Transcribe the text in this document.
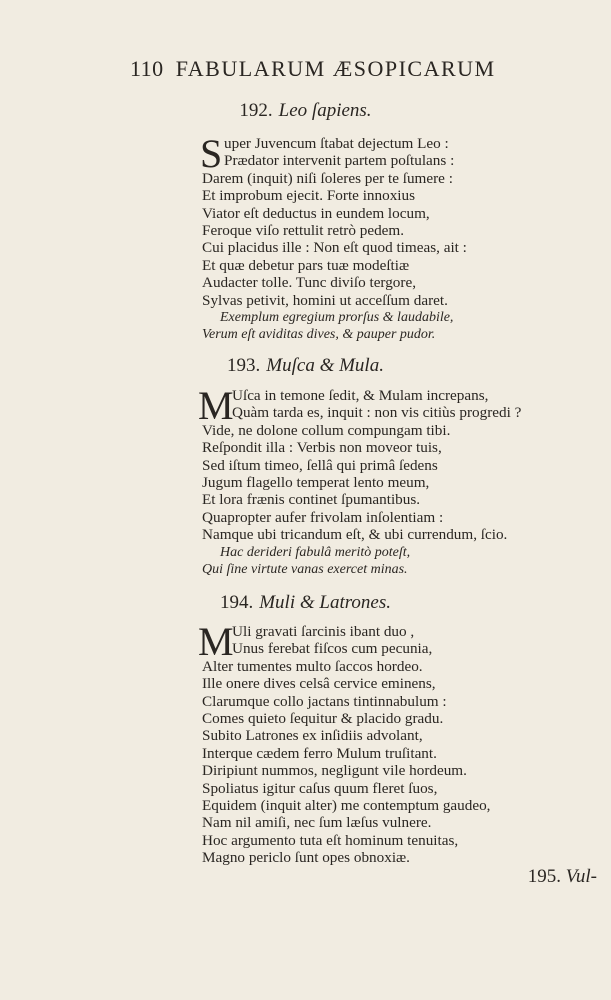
110 FABULARUM ÆSOPICARUM
192. Leo ſapiens.
S uper Juvencum ſtabat dejectum Leo :
Prædator intervenit partem poſtulans :
Darem (inquit) niſi ſoleres per te ſumere :
Et improbum ejecit. Forte innoxius
Viator eſt deductus in eundem locum,
Feroque viſo rettulit retrò pedem.
Cui placidus ille : Non eſt quod timeas, ait :
Et quæ debetur pars tuæ modeſtiæ
Audacter tolle. Tunc diviſo tergore,
Sylvas petivit, homini ut acceſſum daret.
Exemplum egregium prorſus & laudabile,
Verum eſt aviditas dives, & pauper pudor.
193. Muſca & Mula.
M
Uſca in temone ſedit, & Mulam increpans,
Quàm tarda es, inquit : non vis citiùs progredi ?
Vide, ne dolone collum compungam tibi.
Reſpondit illa : Verbis non moveor tuis,
Sed iſtum timeo, ſellâ qui primâ ſedens
Jugum flagello temperat lento meum,
Et lora frænis continet ſpumantibus.
Quapropter aufer frivolam inſolentiam :
Namque ubi tricandum eſt, & ubi currendum, ſcio.
Hac derideri fabulâ meritò poteſt,
Qui ſine virtute vanas exercet minas.
194. Muli & Latrones.
M
Uli gravati ſarcinis ibant duo ,
Unus ferebat fiſcos cum pecunia,
Alter tumentes multo ſaccos hordeo.
Ille onere dives celsâ cervice eminens,
Clarumque collo jactans tintinnabulum :
Comes quieto ſequitur & placido gradu.
Subito Latrones ex inſidiis advolant,
Interque cædem ferro Mulum truſitant.
Diripiunt nummos, negligunt vile hordeum.
Spoliatus igitur caſus quum fleret ſuos,
Equidem (inquit alter) me contemptum gaudeo,
Nam nil amiſi, nec ſum læſus vulnere.
Hoc argumento tuta eſt hominum tenuitas,
Magno periclo ſunt opes obnoxiæ.
195. Vul-
